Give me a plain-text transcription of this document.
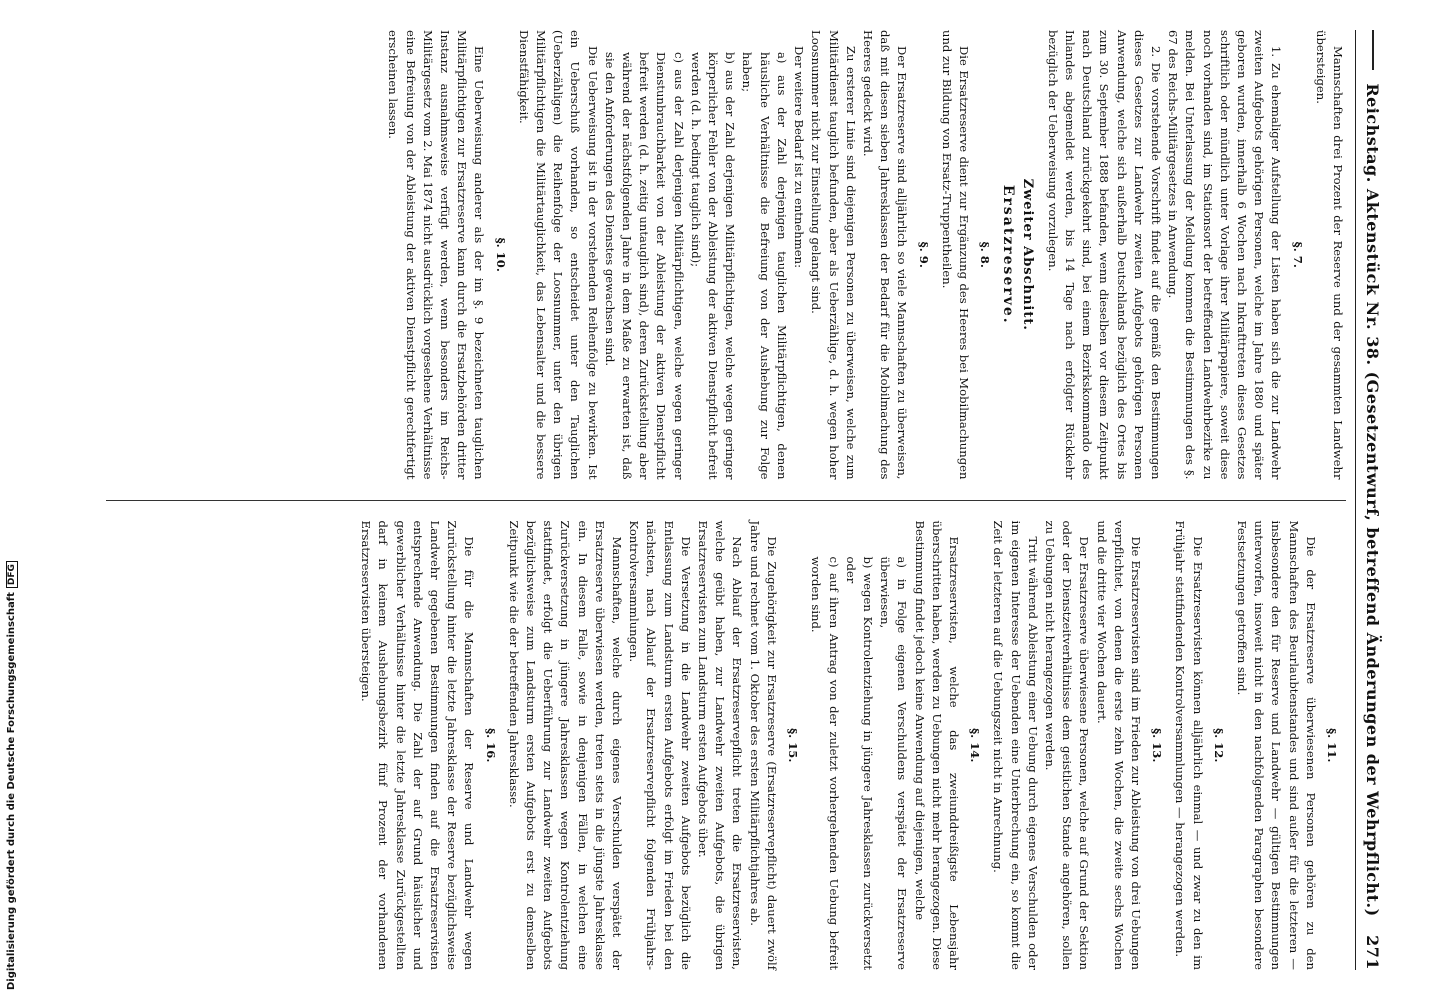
Reichstag. Aktenstück Nr. 38. (Gesetzentwurf, betreffend Änderungen der Wehrpflicht.)
271

Mannschaften drei Prozent der Reserve und der gesammten Landwehr übersteigen.

§. 7.

1. Zu ehemaliger Aufstellung der Listen haben sich die zur Landwehr zweiten Aufgebots gehörigen Personen, welche im Jahre 1880 und später geboren wurden, innerhalb 6 Wochen nach Inkrafttreten dieses Gesetzes schriftlich oder mündlich unter Vorlage ihrer Militärpapiere, soweit diese noch vorhanden sind, im Stationsort der betreffenden Landwehrbezirke zu melden. Bei Unterlassung der Meldung kommen die Bestimmungen des §. 67 des Reichs-Militärgesetzes in Anwendung.

2. Die vorstehende Vorschrift findet auf die gemäß den Bestimmungen dieses Gesetzes zur Landwehr zweiten Aufgebots gehörigen Personen Anwendung, welche sich außerhalb Deutschlands bezüglich des Ortes bis zum 30. September 1888 befanden, wenn dieselben vor diesem Zeitpunkt nach Deutschland zurückgekehrt sind, bei einem Bezirkskommando des Inlandes abgemeldet werden, bis 14 Tage nach erfolgter Rückkehr bezüglich der Ueberweisung vorzulegen.

Zweiter Abschnitt.

Ersatzreserve.

§. 8.

Die Ersatzreserve dient zur Ergänzung des Heeres bei Mobilmachungen und zur Bildung von Ersatz-Truppentheilen.

§. 9.

Der Ersatzreserve sind alljährlich so viele Mannschaften zu überweisen, daß mit diesen sieben Jahresklassen der Bedarf für die Mobilmachung des Heeres gedeckt wird.

Zu ersterer Linie sind diejenigen Personen zu überweisen, welche zum Militärdienst tauglich befunden, aber als Ueberzählige, d. h. wegen hoher Loosnummer nicht zur Einstellung gelangt sind.

Der weitere Bedarf ist zu entnehmen:

a) aus der Zahl derjenigen tauglichen Militärpflichtigen, denen häusliche Verhältnisse die Befreiung von der Aushebung zur Folge haben;

b) aus der Zahl derjenigen Militärpflichtigen, welche wegen geringer körperlicher Fehler von der Ableistung der aktiven Dienstpflicht befreit werden (d. h. bedingt tauglich sind);

c) aus der Zahl derjenigen Militärpflichtigen, welche wegen geringer Dienstunbrauchbarkeit von der Ableistung der aktiven Dienstpflicht befreit werden (d. h. zeitig untauglich sind), deren Zurückstellung aber während der nächstfolgenden Jahre in dem Maße zu erwarten ist, daß sie den Anforderungen des Dienstes gewachsen sind.

Die Ueberweisung ist in der vorstehenden Reihenfolge zu bewirken. Ist ein Ueberschuß vorhanden, so entscheidet unter den Tauglichen (Ueberzähligen) die Reihenfolge der Loosnummer, unter den übrigen Militärpflichtigen die Militärtauglichkeit, das Lebensalter und die bessere Dienstfähigkeit.

§. 10.

Eine Ueberweisung anderer als der im §. 9 bezeichneten tauglichen Militärpflichtigen zur Ersatzreserve kann durch die Ersatzbehörden dritter Instanz ausnahmsweise verfügt werden, wenn besonders im Reichs-Militärgesetz vom 2. Mai 1874 nicht ausdrücklich vorgesehene Verhältnisse eine Befreiung von der Ableistung der aktiven Dienstpflicht gerechtfertigt erscheinen lassen.

§. 11.

Die der Ersatzreserve überwiesenen Personen gehören zu den Mannschaften des Beurlaubtenstandes und sind außer für die letzteren — insbesondere den für Reserve und Landwehr — gültigen Bestimmungen unterworfen, insoweit nicht in den nachfolgenden Paragraphen besondere Festsetzungen getroffen sind.

§. 12.

Die Ersatzreservisten können alljährlich einmal — und zwar zu den im Frühjahr stattfindenden Kontrolversammlungen — herangezogen werden.

§. 13.

Die Ersatzreservisten sind im Frieden zur Ableistung von drei Uebungen verpflichtet, von denen die erste zehn Wochen, die zweite sechs Wochen und die dritte vier Wochen dauert.

Der Ersatzreserve überwiesene Personen, welche auf Grund der Sektion oder der Dienstzeitverhältnisse dem geistlichen Stande angehören, sollen zu Uebungen nicht herangezogen werden.

Tritt während Ableistung einer Uebung durch eigenes Verschulden oder im eigenen Interesse der Uebenden eine Unterbrechung ein, so kommt die Zeit der letzteren auf die Uebungszeit nicht in Anrechnung.

§. 14.

Ersatzreservisten, welche das zweiunddreißigste Lebensjahr überschritten haben, werden zu Uebungen nicht mehr herangezogen. Diese Bestimmung findet jedoch keine Anwendung auf diejenigen, welche

a) in Folge eigenen Verschuldens verspätet der Ersatzreserve überwiesen,

b) wegen Kontrolentziehung in jüngere Jahresklassen zurückversetzt oder

c) auf ihren Antrag von der zuletzt vorhergehenden Uebung befreit worden sind.

§. 15.

Die Zugehörigkeit zur Ersatzreserve (Ersatzreservepflicht) dauert zwölf Jahre und rechnet vom 1. Oktober des ersten Militärpflichtjahres ab.

Nach Ablauf der Ersatzreservepflicht treten die Ersatzreservisten, welche geübt haben, zur Landwehr zweiten Aufgebots, die übrigen Ersatzreservisten zum Landsturm ersten Aufgebots über.

Die Versetzung in die Landwehr zweiten Aufgebots bezüglich die Entlassung zum Landsturm ersten Aufgebots erfolgt im Frieden bei den nächsten, nach Ablauf der Ersatzreservepflicht folgenden Frühjahrs-Kontrolversammlungen.

Mannschaften, welche durch eigenes Verschulden verspätet der Ersatzreserve überwiesen werden, treten stets in die jüngste Jahresklasse ein. In diesem Falle, sowie in denjenigen Fällen, in welchen eine Zurückversetzung in jüngere Jahresklassen wegen Kontrolentziehung stattfindet, erfolgt die Ueberführung zur Landwehr zweiten Aufgebots bezüglichsweise zum Landsturm ersten Aufgebots erst zu demselben Zeitpunkt wie die der betreffenden Jahresklasse.

§. 16.

Die für die Mannschaften der Reserve und Landwehr wegen Zurückstellung hinter die letzte Jahresklasse der Reserve bezüglichsweise Landwehr gegebenen Bestimmungen finden auf die Ersatzreservisten entsprechende Anwendung. Die Zahl der auf Grund häuslicher und gewerblicher Verhältnisse hinter die letzte Jahresklasse Zurückgestellten darf in keinem Aushebungsbezirk fünf Prozent der vorhandenen Ersatzreservisten übersteigen.

Digitalisierung gefördert durch die Deutsche ForschungsgemeinschaftDFG
